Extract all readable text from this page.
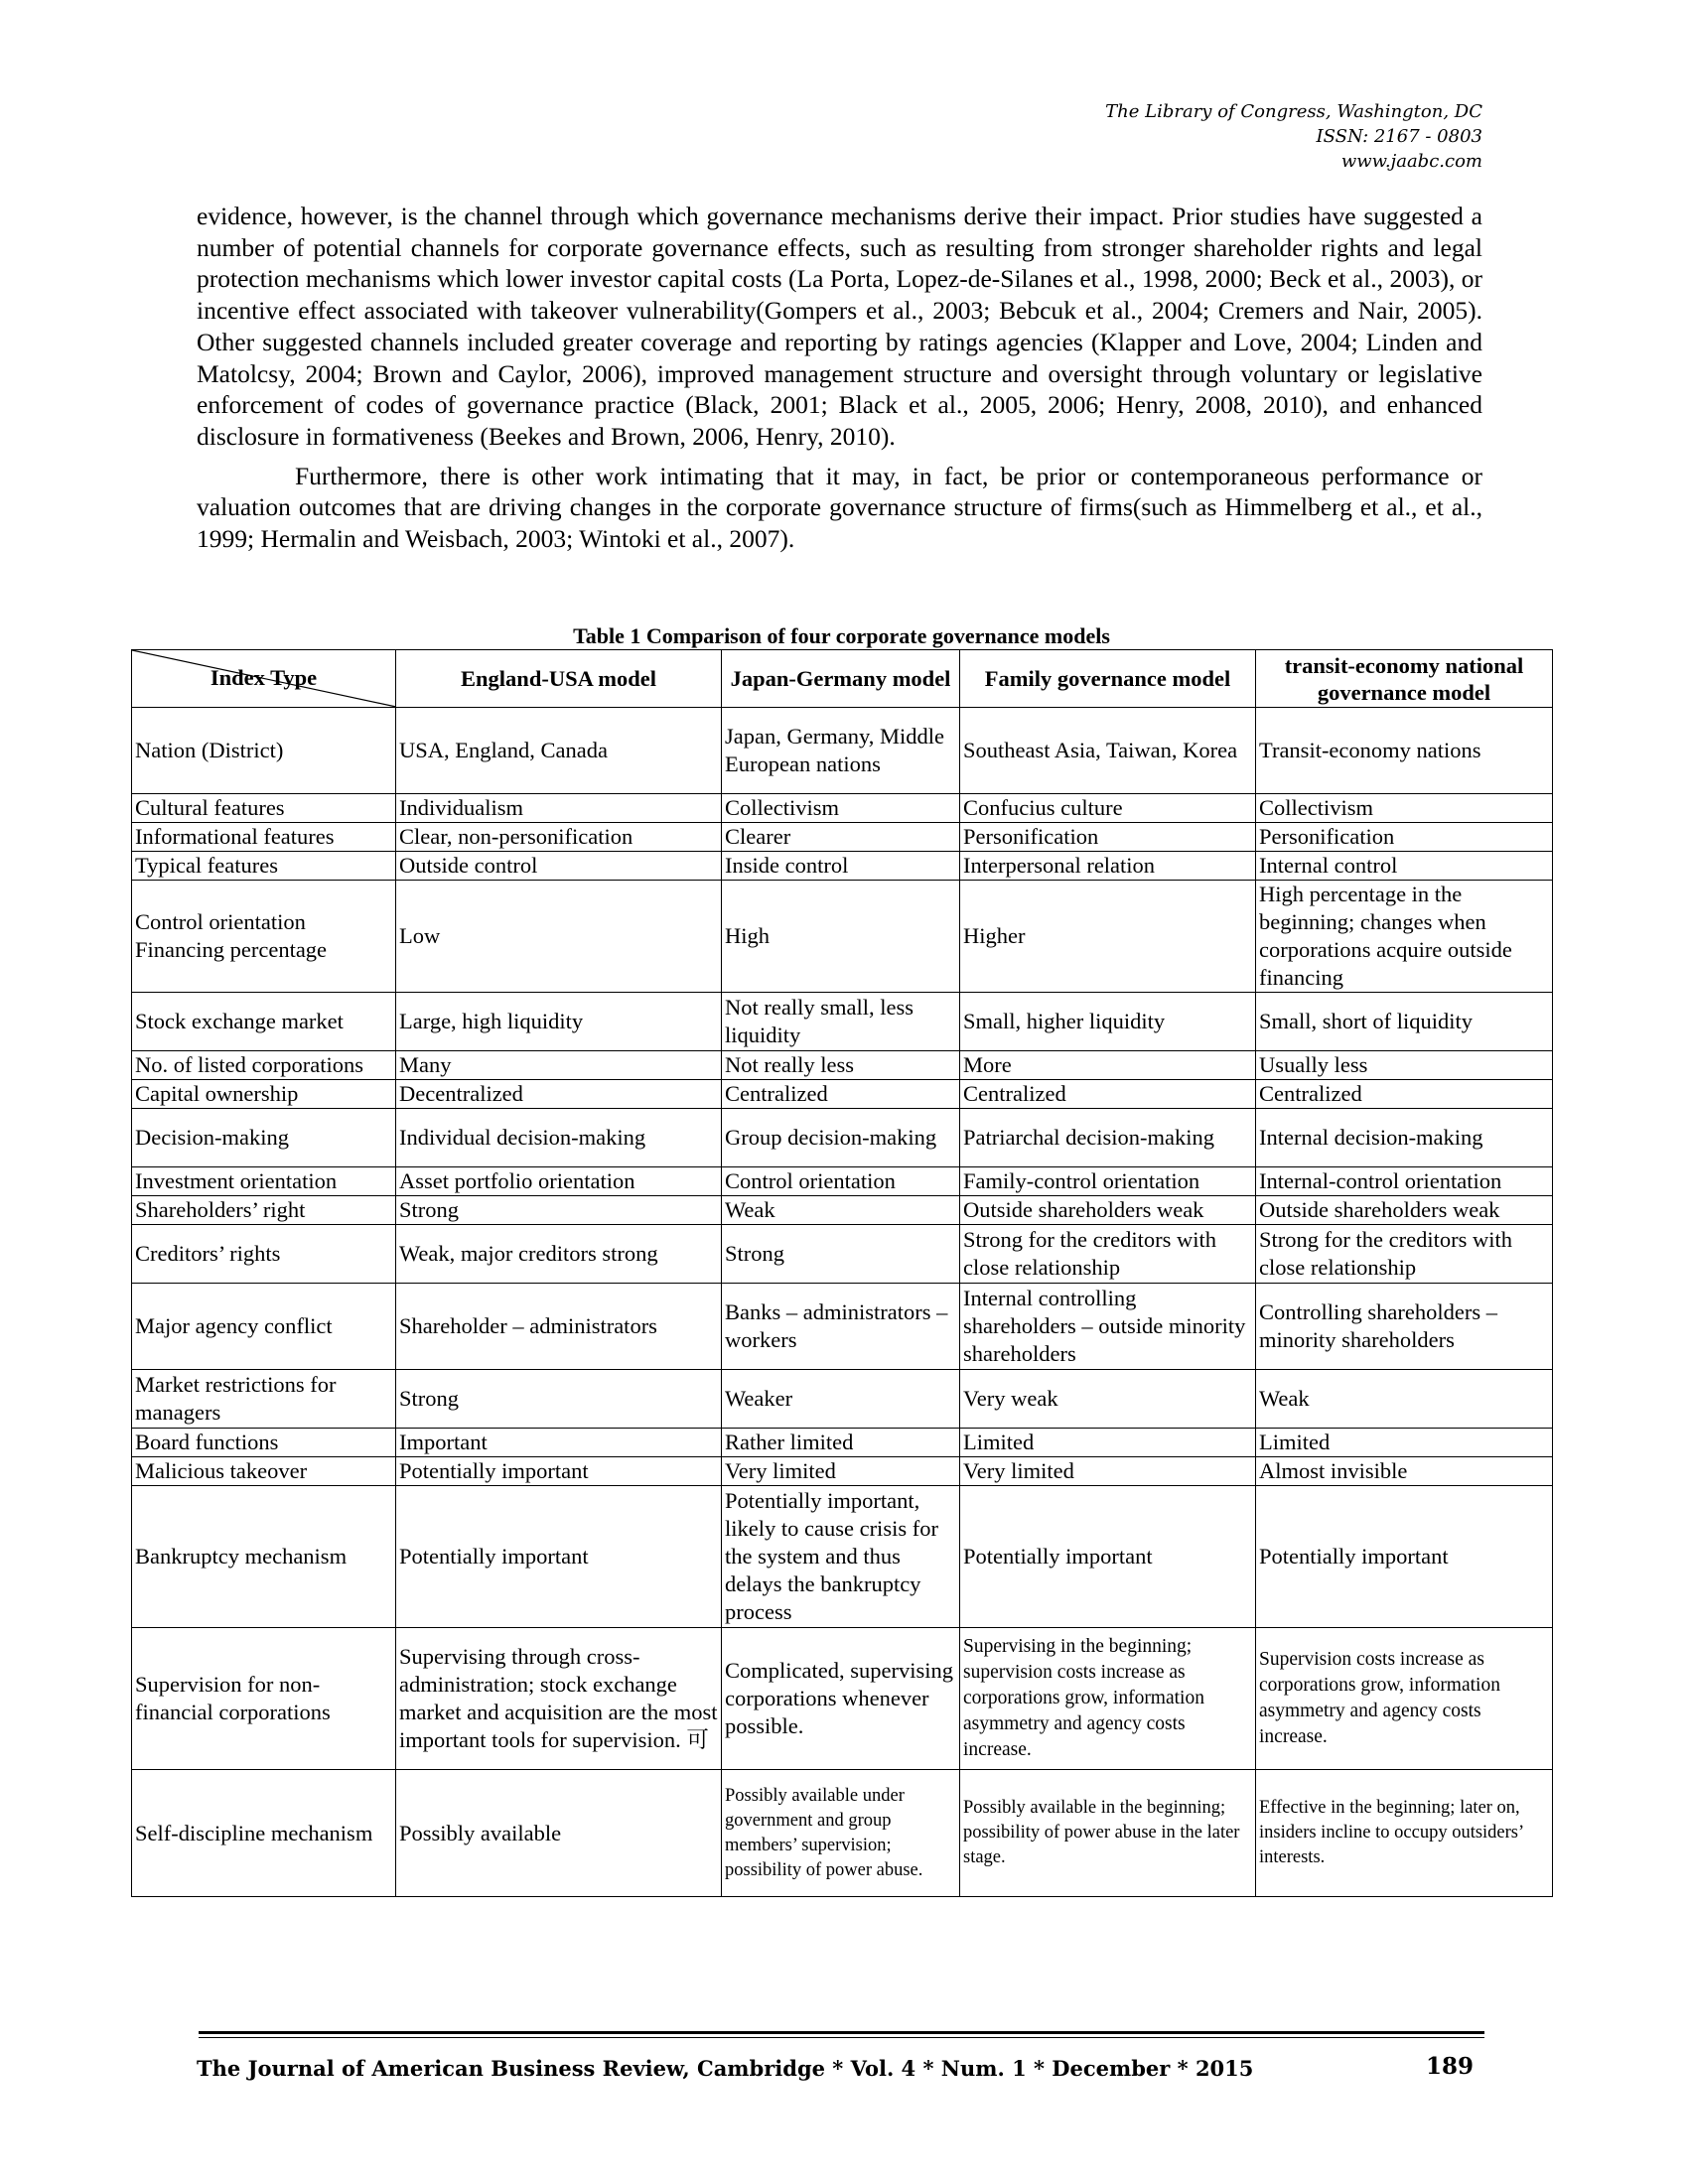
The Library of Congress, Washington, DC
ISSN: 2167 - 0803
www.jaabc.com

evidence, however, is the channel through which governance mechanisms derive their impact. Prior studies have suggested a number of potential channels for corporate governance effects, such as resulting from stronger shareholder rights and legal protection mechanisms which lower investor capital costs (La Porta, Lopez-de-Silanes et al., 1998, 2000; Beck et al., 2003), or incentive effect associated with takeover vulnerability(Gompers et al., 2003; Bebcuk et al., 2004; Cremers and Nair, 2005). Other suggested channels included greater coverage and reporting by ratings agencies (Klapper and Love, 2004; Linden and Matolcsy, 2004; Brown and Caylor, 2006), improved management structure and oversight through voluntary or legislative enforcement of codes of governance practice (Black, 2001; Black et al., 2005, 2006; Henry, 2008, 2010), and enhanced disclosure in formativeness (Beekes and Brown, 2006, Henry, 2010).

Furthermore, there is other work intimating that it may, in fact, be prior or contemporaneous performance or valuation outcomes that are driving changes in the corporate governance structure of firms(such as Himmelberg et al., et al., 1999; Hermalin and Weisbach, 2003; Wintoki et al., 2007).

Table 1 Comparison of four corporate governance models
Index Type	England-USA model	Japan-Germany model	Family governance model	transit-economy national governance model
Nation (District)	USA, England, Canada	Japan, Germany, Middle European nations	Southeast Asia, Taiwan, Korea	Transit-economy nations
Cultural features	Individualism	Collectivism	Confucius culture	Collectivism
Informational features	Clear, non-personification	Clearer	Personification	Personification
Typical features	Outside control	Inside control	Interpersonal relation	Internal control
Control orientation Financing percentage	Low	High	Higher	High percentage in the beginning; changes when corporations acquire outside financing
Stock exchange market	Large, high liquidity	Not really small, less liquidity	Small, higher liquidity	Small, short of liquidity
No. of listed corporations	Many	Not really less	More	Usually less
Capital ownership	Decentralized	Centralized	Centralized	Centralized
Decision-making	Individual decision-making	Group decision-making	Patriarchal decision-making	Internal decision-making
Investment orientation	Asset portfolio orientation	Control orientation	Family-control orientation	Internal-control orientation
Shareholders’ right	Strong	Weak	Outside shareholders weak	Outside shareholders weak
Creditors’ rights	Weak, major creditors strong	Strong	Strong for the creditors with close relationship	Strong for the creditors with close relationship
Major agency conflict	Shareholder – administrators	Banks – administrators – workers	Internal controlling shareholders – outside minority shareholders	Controlling shareholders – minority shareholders
Market restrictions for managers	Strong	Weaker	Very weak	Weak
Board functions	Important	Rather limited	Limited	Limited
Malicious takeover	Potentially important	Very limited	Very limited	Almost invisible
Bankruptcy mechanism	Potentially important	Potentially important, likely to cause crisis for the system and thus delays the bankruptcy process	Potentially important	Potentially important
Supervision for non-financial corporations	Supervising through cross-administration; stock exchange market and acquisition are the most important tools for supervision. 可	Complicated, supervising corporations whenever possible.	Supervising in the beginning; supervision costs increase as corporations grow, information asymmetry and agency costs increase.	Supervision costs increase as corporations grow, information asymmetry and agency costs increase.
Self-discipline mechanism	Possibly available	Possibly available under government and group members’ supervision; possibility of power abuse.	Possibly available in the beginning; possibility of power abuse in the later stage.	Effective in the beginning; later on, insiders incline to occupy outsiders’ interests.
The Journal of American Business Review, Cambridge * Vol. 4 * Num. 1 * December * 2015	189
